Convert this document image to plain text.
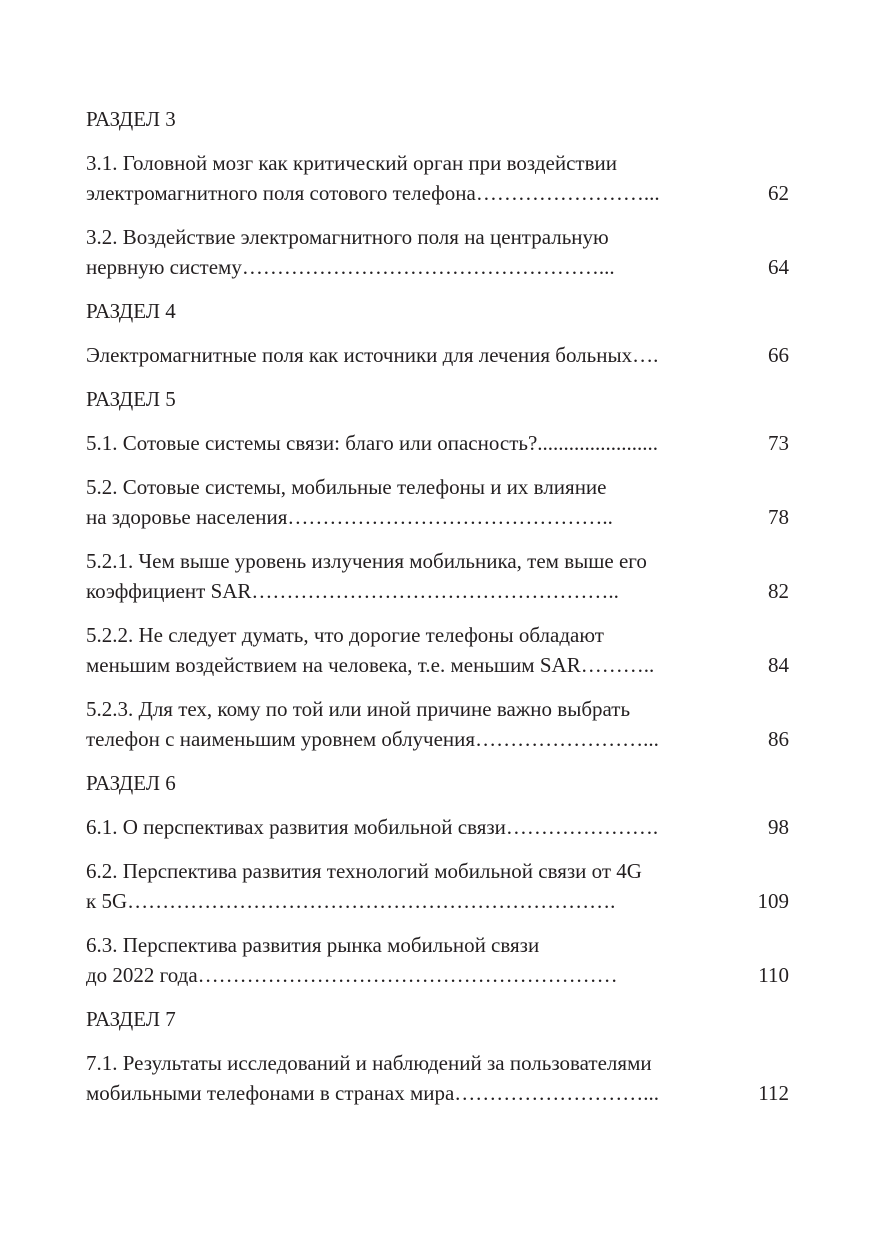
РАЗДЕЛ 3
3.1. Головной мозг как критический орган при воздействии
электромагнитного поля сотового телефона……………………...	62
3.2. Воздействие электромагнитного поля на центральную
нервную систему……………………………………………...	64
РАЗДЕЛ 4
Электромагнитные поля как источники для лечения больных….	66
РАЗДЕЛ 5
5.1. Сотовые системы связи: благо или опасность?.......................	73
5.2. Сотовые системы, мобильные телефоны и их влияние
на здоровье населения………………………………………..	78
5.2.1. Чем выше уровень излучения мобильника, тем выше его
коэффициент SAR……………………………………………..	82
5.2.2. Не следует думать, что дорогие телефоны обладают
меньшим воздействием на человека, т.е. меньшим SAR………..	84
5.2.3. Для тех, кому по той или иной причине важно выбрать
телефон с наименьшим уровнем облучения……………………...	86
РАЗДЕЛ 6
6.1. О перспективах развития мобильной связи………………….	98
6.2. Перспектива развития технологий мобильной связи от 4G
к 5G…………………………………………………………….	109
6.3. Перспектива развития рынка мобильной связи
до 2022 года……………………………………………………	110
РАЗДЕЛ 7
7.1. Результаты исследований и наблюдений за пользователями
мобильными телефонами в странах мира………………………...	112
